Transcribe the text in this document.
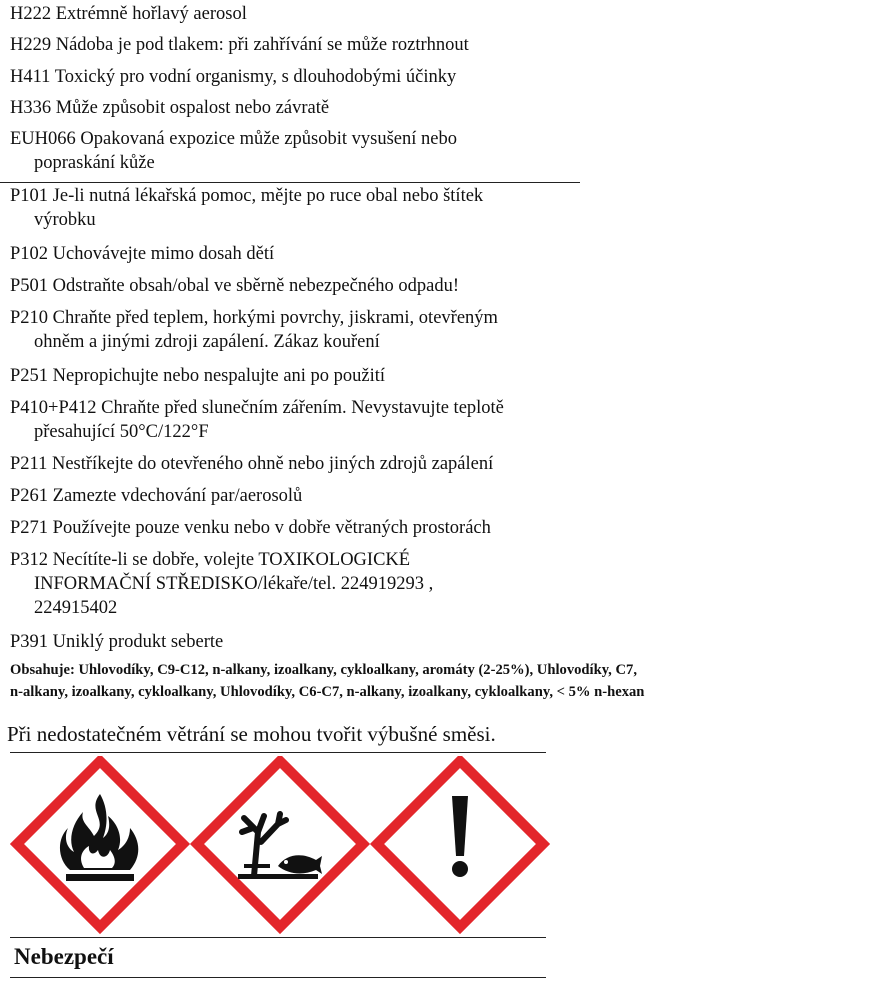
H222 Extrémně hořlavý aerosol
H229 Nádoba je pod tlakem: při zahřívání se může roztrhnout
H411 Toxický pro vodní organismy, s dlouhodobými účinky
H336 Může způsobit ospalost nebo závratě
EUH066 Opakovaná expozice může způsobit vysušení nebo
popraskání kůže
P101 Je-li nutná lékařská pomoc, mějte po ruce obal nebo štítek
výrobku
P102 Uchovávejte mimo dosah dětí
P501 Odstraňte obsah/obal ve sběrně nebezpečného odpadu!
P210 Chraňte před teplem, horkými povrchy, jiskrami, otevřeným
ohněm a jinými zdroji zapálení. Zákaz kouření
P251 Nepropichujte nebo nespalujte ani po použití
P410+P412 Chraňte před slunečním zářením. Nevystavujte teplotě
přesahující 50°C/122°F
P211 Nestříkejte do otevřeného ohně nebo jiných zdrojů zapálení
P261 Zamezte vdechování par/aerosolů
P271 Používejte pouze venku nebo v dobře větraných prostorách
P312 Necítíte-li se dobře, volejte TOXIKOLOGICKÉ
INFORMAČNÍ STŘEDISKO/lékaře/tel. 224919293 ,
224915402
P391 Uniklý produkt seberte
Obsahuje: Uhlovodíky, C9-C12, n-alkany, izoalkany, cykloalkany, aromáty (2-25%), Uhlovodíky, C7,
n-alkany, izoalkany, cykloalkany, Uhlovodíky, C6-C7, n-alkany, izoalkany, cykloalkany, < 5% n-hexan
Při nedostatečném větrání se mohou tvořit výbušné směsi.
Nebezpečí
